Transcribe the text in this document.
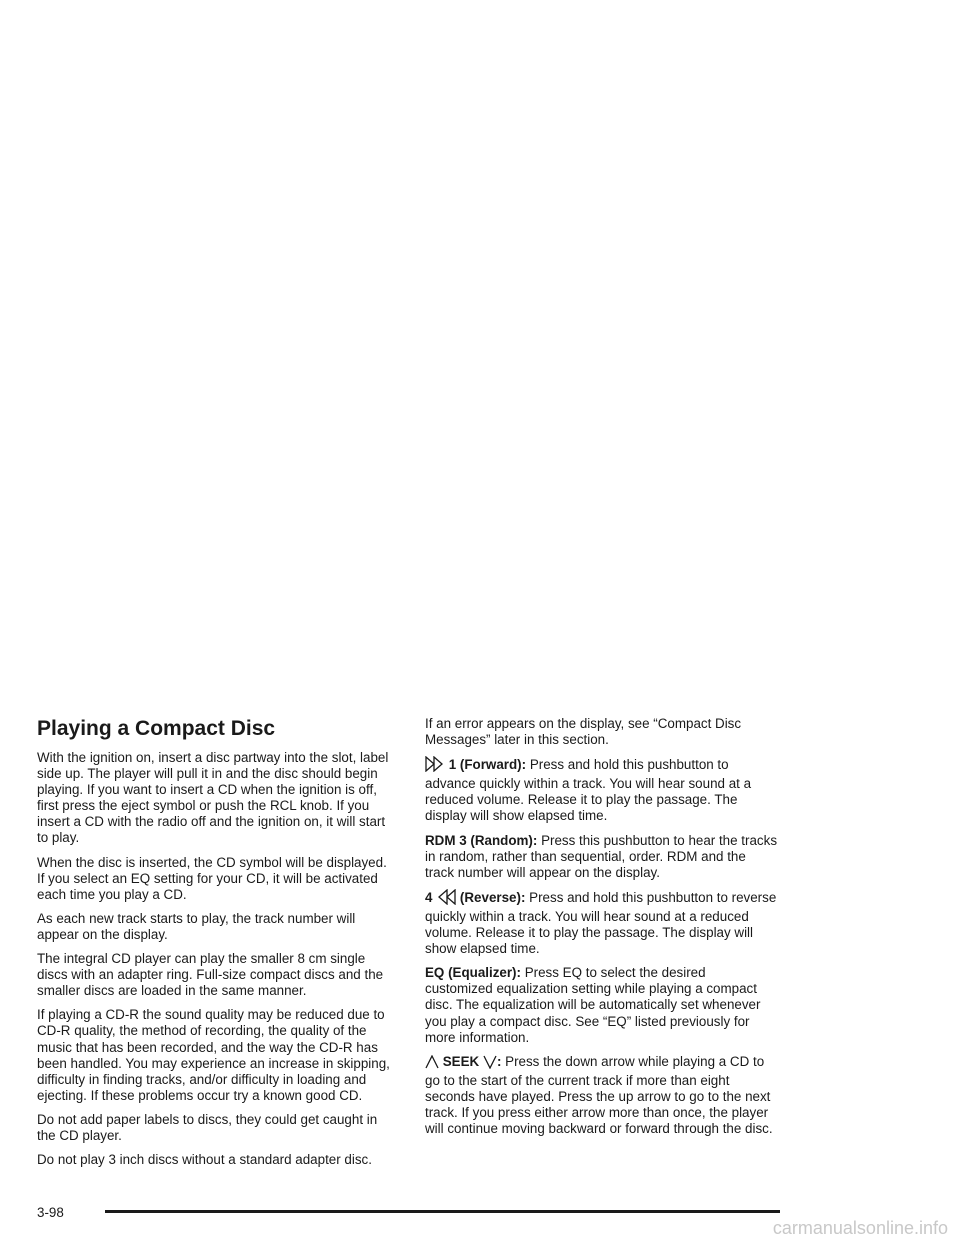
Playing a Compact Disc

With the ignition on, insert a disc partway into the slot, label side up. The player will pull it in and the disc should begin playing. If you want to insert a CD when the ignition is off, first press the eject symbol or push the RCL knob. If you insert a CD with the radio off and the ignition on, it will start to play.

When the disc is inserted, the CD symbol will be displayed. If you select an EQ setting for your CD, it will be activated each time you play a CD.

As each new track starts to play, the track number will appear on the display.

The integral CD player can play the smaller 8 cm single discs with an adapter ring. Full-size compact discs and the smaller discs are loaded in the same manner.

If playing a CD-R the sound quality may be reduced due to CD-R quality, the method of recording, the quality of the music that has been recorded, and the way the CD-R has been handled. You may experience an increase in skipping, difficulty in finding tracks, and/or difficulty in loading and ejecting. If these problems occur try a known good CD.

Do not add paper labels to discs, they could get caught in the CD player.

Do not play 3 inch discs without a standard adapter disc.

If an error appears on the display, see “Compact Disc Messages” later in this section.

1 (Forward): Press and hold this pushbutton to advance quickly within a track. You will hear sound at a reduced volume. Release it to play the passage. The display will show elapsed time.

RDM 3 (Random): Press this pushbutton to hear the tracks in random, rather than sequential, order. RDM and the track number will appear on the display.

4 (Reverse): Press and hold this pushbutton to reverse quickly within a track. You will hear sound at a reduced volume. Release it to play the passage. The display will show elapsed time.

EQ (Equalizer): Press EQ to select the desired customized equalization setting while playing a compact disc. The equalization will be automatically set whenever you play a compact disc. See “EQ” listed previously for more information.

SEEK : Press the down arrow while playing a CD to go to the start of the current track if more than eight seconds have played. Press the up arrow to go to the next track. If you press either arrow more than once, the player will continue moving backward or forward through the disc.

3-98
carmanualsonline.info
